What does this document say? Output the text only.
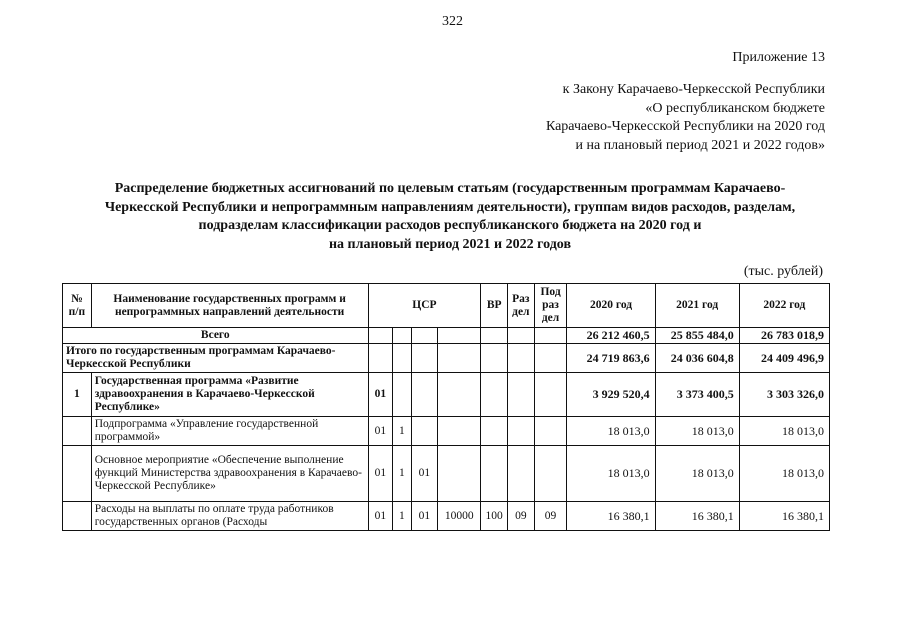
322
Приложение 13
к Закону Карачаево-Черкесской Республики
«О республиканском бюджете
Карачаево-Черкесской Республики на 2020 год
и на плановый период 2021 и 2022 годов»
Распределение бюджетных ассигнований по целевым статьям (государственным программам Карачаево-
Черкесской Республики и непрограммным направлениям деятельности), группам видов расходов, разделам,
подразделам классификации расходов республиканского бюджета на 2020 год и
на плановый период 2021 и 2022 годов
(тыс. рублей)
№ п/п	Наименование государственных программ и непрограммных направлений деятельности	ЦСР				ВР	Раз дел	Под раз дел	2020 год	2021 год	2022 год
Всего									26 212 460,5	25 855 484,0	26 783 018,9
Итого по государственным программам Карачаево-Черкесской Республики									24 719 863,6	24 036 604,8	24 409 496,9
1	Государственная программа «Развитие здравоохранения в Карачаево-Черкесской Республике»	01							3 929 520,4	3 373 400,5	3 303 326,0
	Подпрограмма «Управление государственной программой»	01	1						18 013,0	18 013,0	18 013,0
	Основное мероприятие «Обеспечение выполнение функций Министерства здравоохранения в Карачаево-Черкесской Республике»	01	1	01					18 013,0	18 013,0	18 013,0
	Расходы на выплаты по оплате труда работников государственных органов (Расходы	01	1	01	10000	100	09	09	16 380,1	16 380,1	16 380,1
